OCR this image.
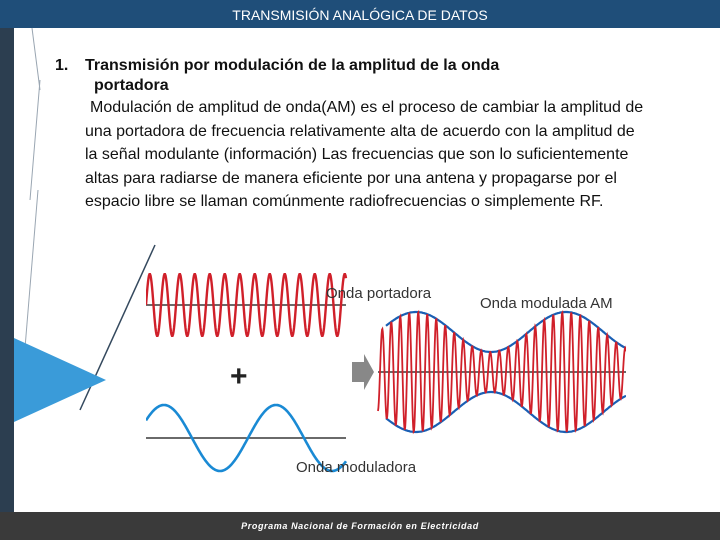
TRANSMISIÓN ANALÓGICA DE DATOS
1. Transmisión por modulación de la amplitud de la onda
portadora
Modulación de amplitud de onda(AM) es el proceso de cambiar la amplitud de
una portadora de frecuencia relativamente alta de acuerdo con la amplitud de
la señal modulante (información) Las frecuencias que son lo suficientemente
altas para radiarse de manera eficiente por una antena y propagarse por el
espacio libre se llaman comúnmente radiofrecuencias o simplemente RF.
Onda portadora
+
Onda moduladora
Onda modulada AM
Programa Nacional de Formación en Electricidad
